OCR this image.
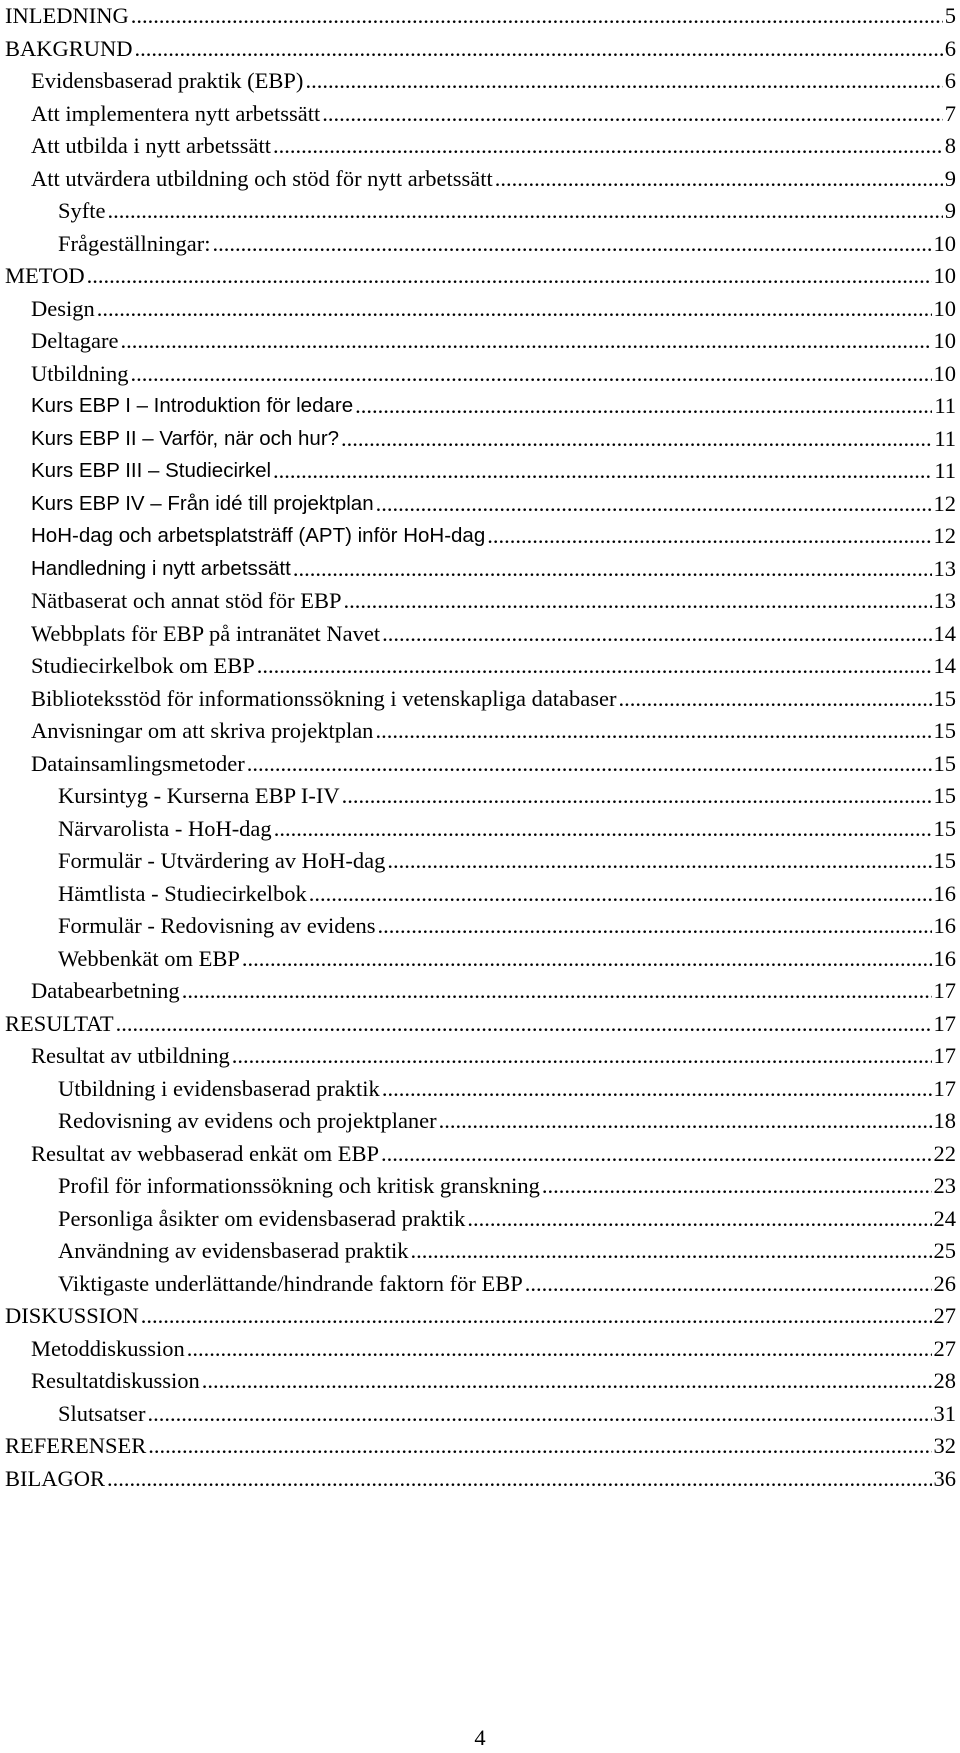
INLEDNING .....	5
BAKGRUND .....	6
Evidensbaserad praktik (EBP) .....	6
Att implementera nytt arbetssätt .....	7
Att utbilda i nytt arbetssätt .....	8
Att utvärdera utbildning och stöd för nytt arbetssätt .....	9
Syfte .....	9
Frågeställningar: .....	10
METOD .....	10
Design .....	10
Deltagare .....	10
Utbildning .....	10
Kurs EBP I – Introduktion för ledare .....	11
Kurs EBP II – Varför, när och hur? .....	11
Kurs EBP III – Studiecirkel .....	11
Kurs EBP IV – Från idé till projektplan .....	12
HoH-dag och arbetsplatsträff (APT) inför HoH-dag .....	12
Handledning i nytt arbetssätt .....	13
Nätbaserat och annat stöd för EBP .....	13
Webbplats för EBP på intranätet Navet .....	14
Studiecirkelbok om EBP .....	14
Biblioteksstöd för informationssökning i vetenskapliga databaser .....	15
Anvisningar om att skriva projektplan .....	15
Datainsamlingsmetoder .....	15
Kursintyg - Kurserna EBP I-IV .....	15
Närvarolista - HoH-dag .....	15
Formulär - Utvärdering av HoH-dag .....	15
Hämtlista - Studiecirkelbok .....	16
Formulär - Redovisning av evidens .....	16
Webbenkät om EBP .....	16
Databearbetning .....	17
RESULTAT .....	17
Resultat av utbildning .....	17
Utbildning i evidensbaserad praktik .....	17
Redovisning av evidens och projektplaner .....	18
Resultat av webbaserad enkät om EBP .....	22
Profil för informationssökning och kritisk granskning .....	23
Personliga åsikter om evidensbaserad praktik .....	24
Användning av evidensbaserad praktik .....	25
Viktigaste underlättande/hindrande faktorn för EBP .....	26
DISKUSSION .....	27
Metoddiskussion .....	27
Resultatdiskussion .....	28
Slutsatser .....	31
REFERENSER .....	32
BILAGOR .....	36
4
